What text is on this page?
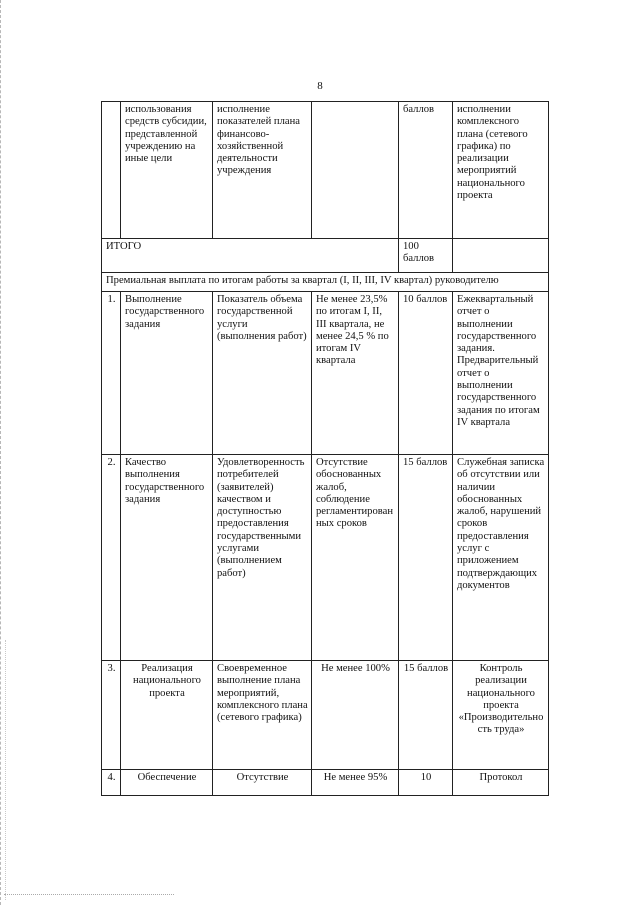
8
	использования средств субсидии, представленной учреждению на иные цели	исполнение показателей плана финансово-хозяйственной деятельности учреждения		баллов	исполнении комплексного плана (сетевого графика) по реализации мероприятий национального проекта
ИТОГО				100 баллов	
Премиальная выплата по итогам работы за квартал (I, II, III, IV квартал) руководителю					
1.	Выполнение государственного задания	Показатель объема государственной услуги (выполнения работ)	Не менее 23,5% по итогам I, II, III квартала, не менее 24,5 % по итогам IV квартала	10 баллов	Ежеквартальный отчет о выполнении государственного задания. Предварительный отчет о выполнении государственного задания по итогам IV квартала
2.	Качество выполнения государственного задания	Удовлетворенность потребителей (заявителей) качеством и доступностью предоставления государственными услугами (выполнением работ)	Отсутствие обоснованных жалоб, соблюдение регламентированных сроков	15 баллов	Служебная записка об отсутствии или наличии обоснованных жалоб, нарушений сроков предоставления услуг с приложением подтверждающих документов
3.	Реализация национального проекта	Своевременное выполнение плана мероприятий, комплексного плана (сетевого графика)	Не менее 100%	15 баллов	Контроль реализации национального проекта «Производительность труда»
4.	Обеспечение	Отсутствие	Не менее 95%	10	Протокол
